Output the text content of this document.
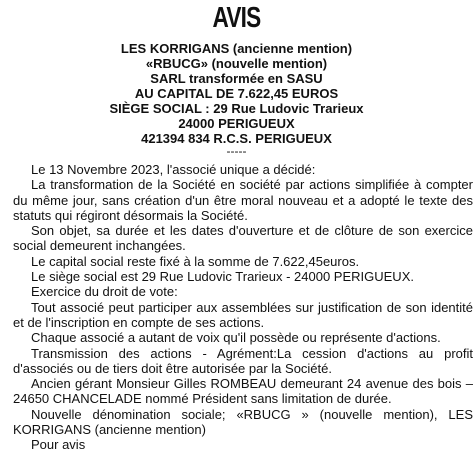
AVIS
LES KORRIGANS (ancienne mention)
«RBUCG» (nouvelle mention)
SARL transformée en SASU
AU CAPITAL DE 7.622,45 EUROS
SIÈGE SOCIAL : 29 Rue Ludovic Trarieux
24000 PERIGUEUX
421394 834 R.C.S. PERIGUEUX
-----

Le 13 Novembre 2023, l'associé unique a décidé:

La transformation de la Société en société par actions simplifiée à compter du même jour, sans création d'un être moral nouveau et a adopté le texte des statuts qui régiront désormais la Société.

Son objet, sa durée et les dates d'ouverture et de clôture de son exercice social demeurent inchangées.

Le capital social reste fixé à la somme de 7.622,45euros.

Le siège social est 29 Rue Ludovic Trarieux - 24000 PERIGUEUX.

Exercice du droit de vote:

Tout associé peut participer aux assemblées sur justification de son identité et de l'inscription en compte de ses actions.

Chaque associé a autant de voix qu'il possède ou représente d'actions.

Transmission des actions - Agrément:La cession d'actions au profit d'associés ou de tiers doit être autorisée par la Société.

Ancien gérant Monsieur Gilles ROMBEAU demeurant 24 avenue des bois – 24650 CHANCELADE nommé Président sans limitation de durée.

Nouvelle dénomination sociale; «RBUCG » (nouvelle mention), LES KORRIGANS (ancienne mention)

Pour avis
